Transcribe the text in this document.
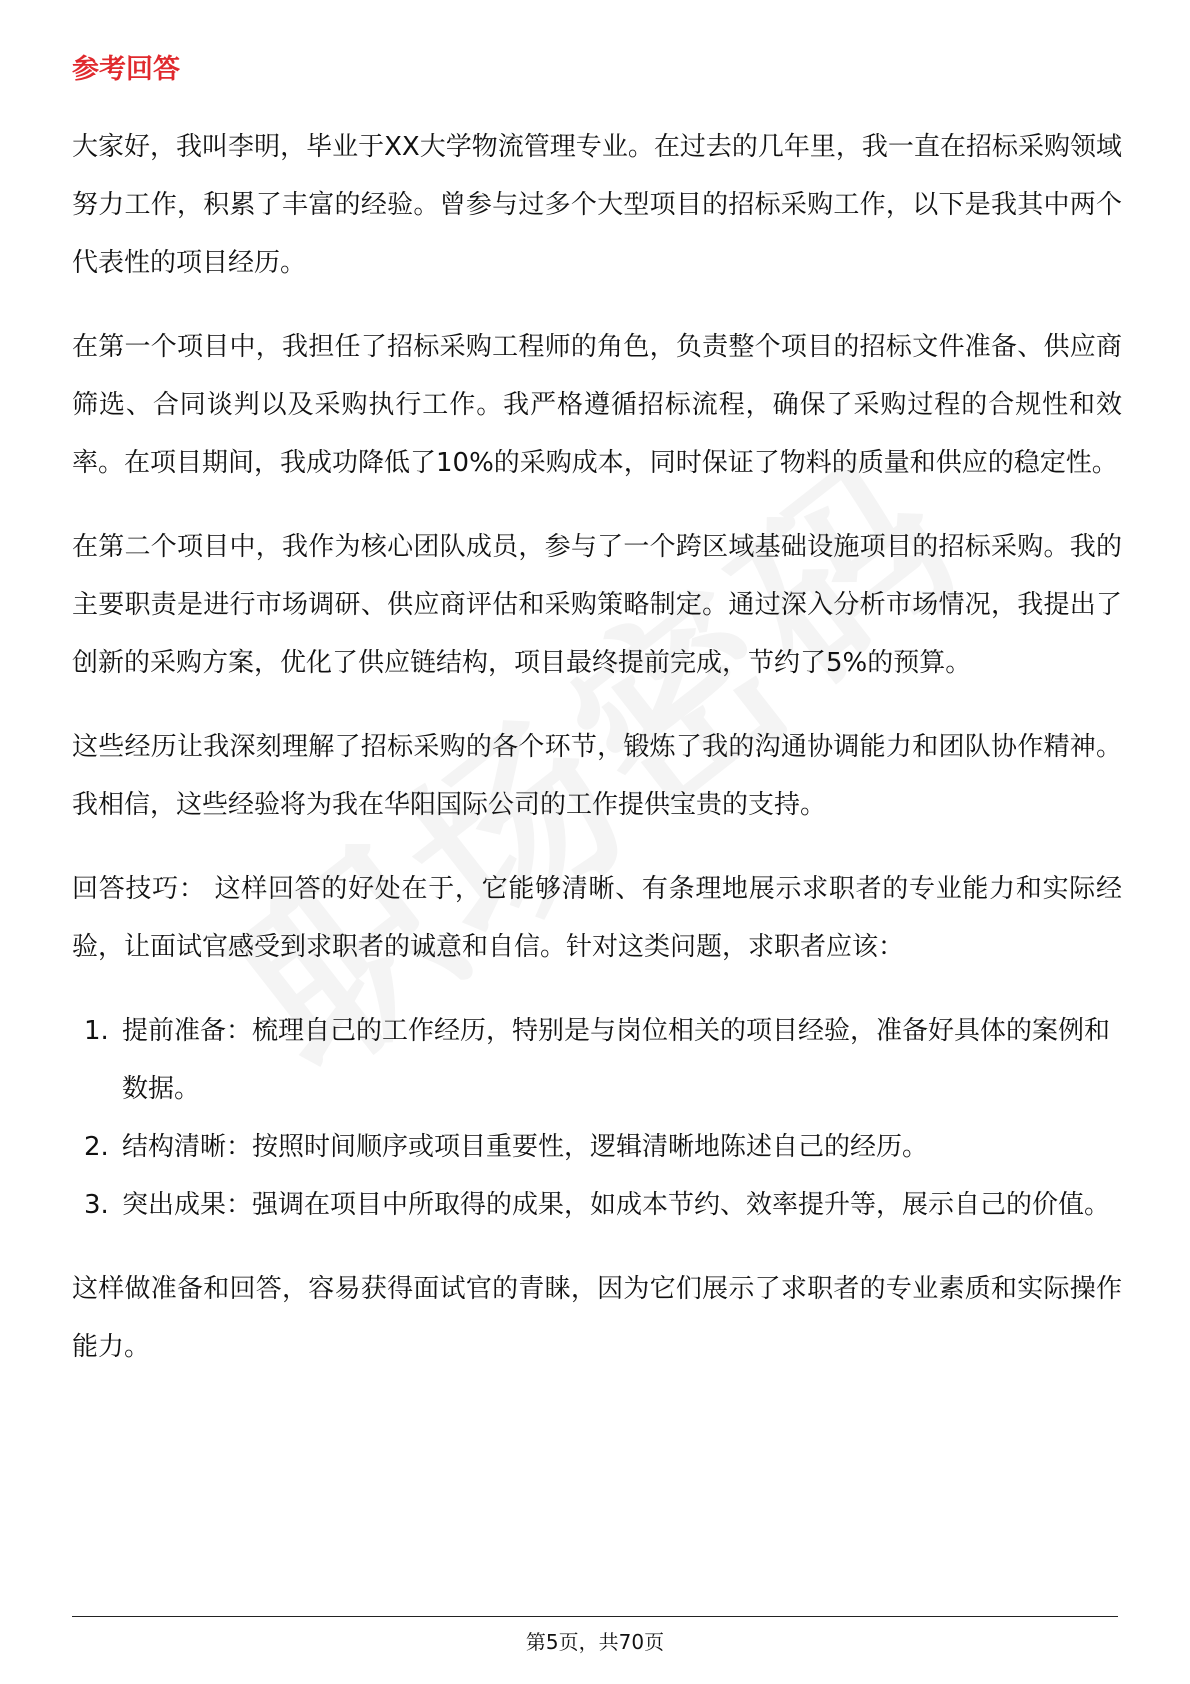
参考回答

大家好，我叫李明，毕业于XX大学物流管理专业。在过去的几年里，我一直在招标采购领域努力工作，积累了丰富的经验。曾参与过多个大型项目的招标采购工作，以下是我其中两个代表性的项目经历。

在第一个项目中，我担任了招标采购工程师的角色，负责整个项目的招标文件准备、供应商筛选、合同谈判以及采购执行工作。我严格遵循招标流程，确保了采购过程的合规性和效率。在项目期间，我成功降低了10%的采购成本，同时保证了物料的质量和供应的稳定性。

在第二个项目中，我作为核心团队成员，参与了一个跨区域基础设施项目的招标采购。我的主要职责是进行市场调研、供应商评估和采购策略制定。通过深入分析市场情况，我提出了创新的采购方案，优化了供应链结构，项目最终提前完成，节约了5%的预算。

这些经历让我深刻理解了招标采购的各个环节，锻炼了我的沟通协调能力和团队协作精神。我相信，这些经验将为我在华阳国际公司的工作提供宝贵的支持。

回答技巧： 这样回答的好处在于，它能够清晰、有条理地展示求职者的专业能力和实际经验，让面试官感受到求职者的诚意和自信。针对这类问题，求职者应该：

1. 提前准备：梳理自己的工作经历，特别是与岗位相关的项目经验，准备好具体的案例和数据。
2. 结构清晰：按照时间顺序或项目重要性，逻辑清晰地陈述自己的经历。
3. 突出成果：强调在项目中所取得的成果，如成本节约、效率提升等，展示自己的价值。

这样做准备和回答，容易获得面试官的青睐，因为它们展示了求职者的专业素质和实际操作能力。

第5页，共70页
